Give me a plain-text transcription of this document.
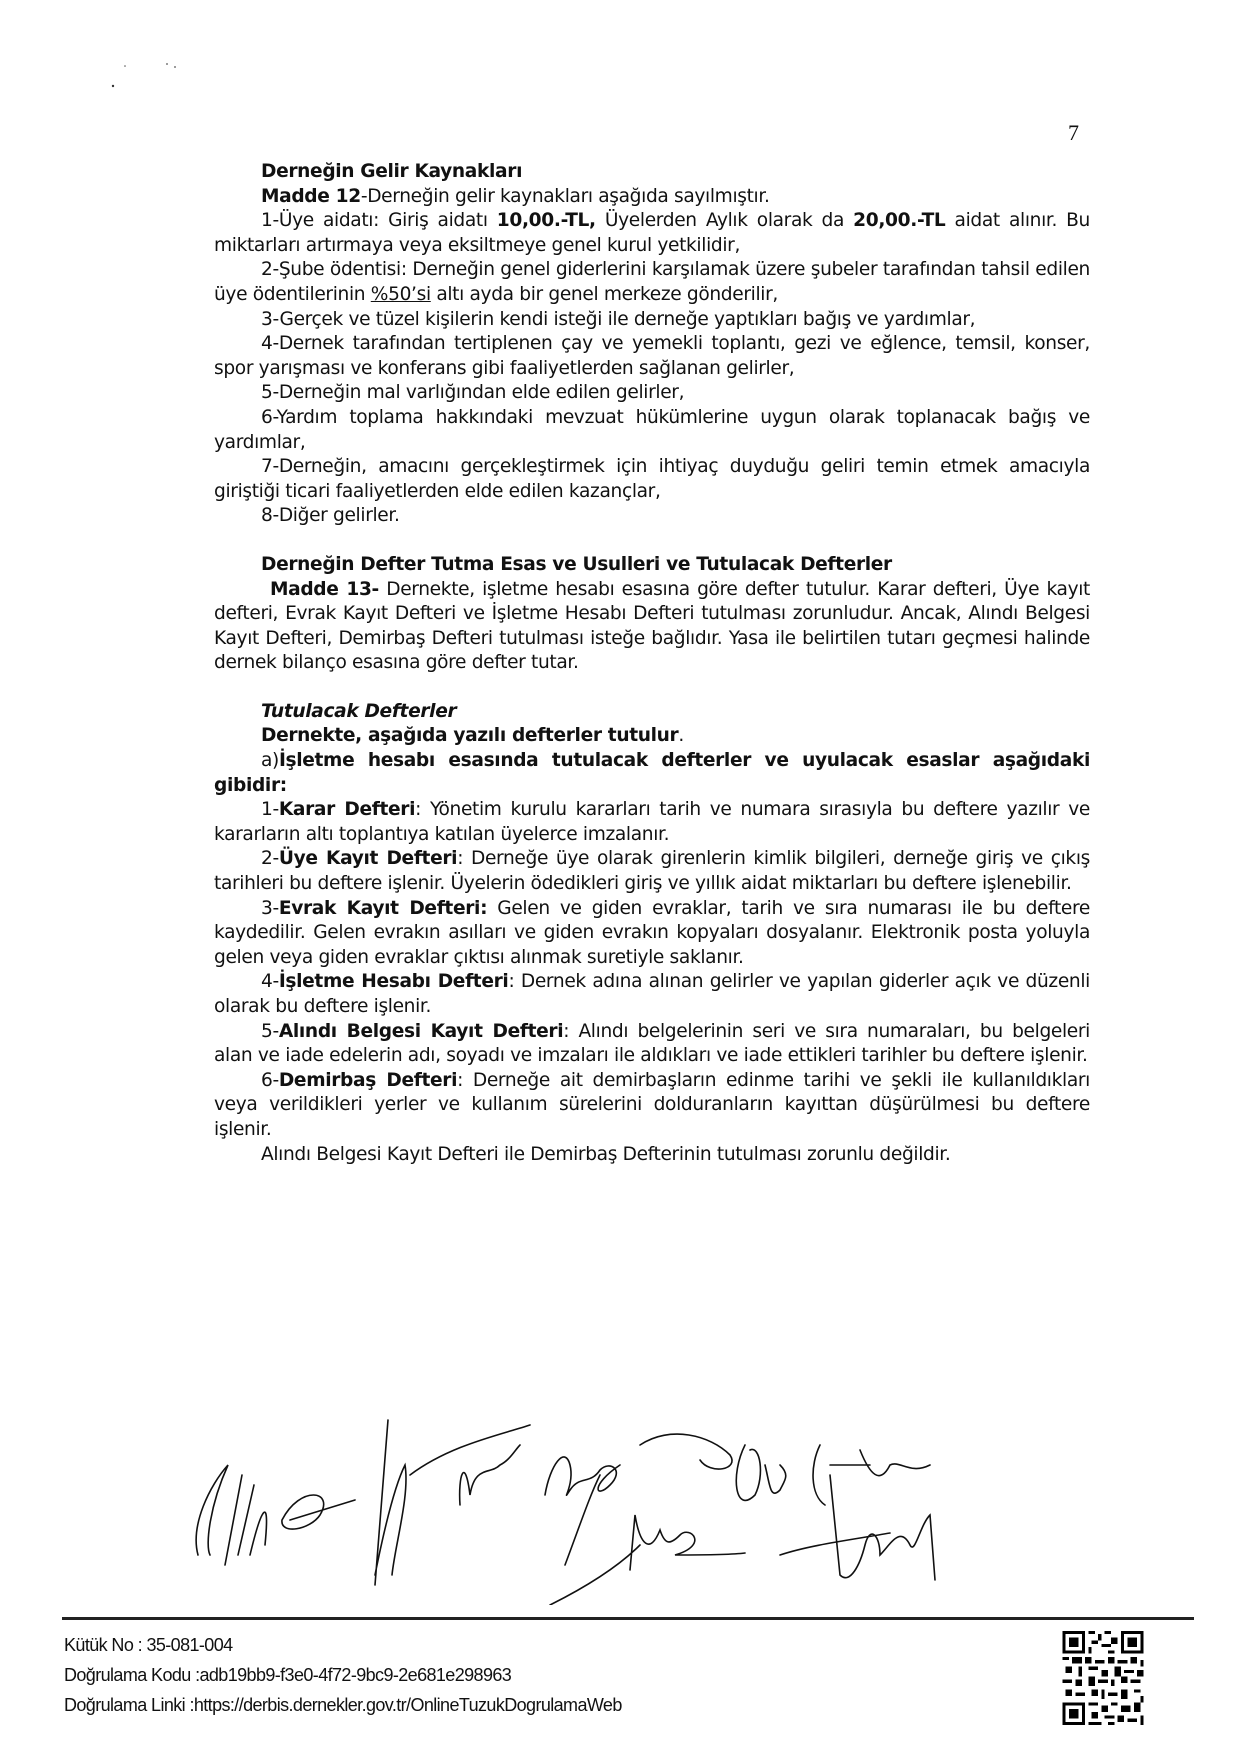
7

Derneğin Gelir Kaynakları

Madde 12-Derneğin gelir kaynakları aşağıda sayılmıştır.

1-Üye aidatı: Giriş aidatı 10,00.-TL, Üyelerden Aylık olarak da 20,00.-TL aidat alınır. Bu miktarları artırmaya veya eksiltmeye genel kurul yetkilidir,

2-Şube ödentisi: Derneğin genel giderlerini karşılamak üzere şubeler tarafından tahsil edilen üye ödentilerinin %50’si altı ayda bir genel merkeze gönderilir,

3-Gerçek ve tüzel kişilerin kendi isteği ile derneğe yaptıkları bağış ve yardımlar,

4-Dernek tarafından tertiplenen çay ve yemekli toplantı, gezi ve eğlence, temsil, konser, spor yarışması ve konferans gibi faaliyetlerden sağlanan gelirler,

5-Derneğin mal varlığından elde edilen gelirler,

6-Yardım toplama hakkındaki mevzuat hükümlerine uygun olarak toplanacak bağış ve yardımlar,

7-Derneğin, amacını gerçekleştirmek için ihtiyaç duyduğu geliri temin etmek amacıyla giriştiği ticari faaliyetlerden elde edilen kazançlar,

8-Diğer gelirler.

Derneğin Defter Tutma Esas ve Usulleri ve Tutulacak Defterler

Madde 13- Dernekte, işletme hesabı esasına göre defter tutulur. Karar defteri, Üye kayıt defteri, Evrak Kayıt Defteri ve İşletme Hesabı Defteri tutulması zorunludur. Ancak, Alındı Belgesi Kayıt Defteri, Demirbaş Defteri tutulması isteğe bağlıdır. Yasa ile belirtilen tutarı geçmesi halinde dernek bilanço esasına göre defter tutar.

Tutulacak Defterler

Dernekte, aşağıda yazılı defterler tutulur.

a)İşletme hesabı esasında tutulacak defterler ve uyulacak esaslar aşağıdaki gibidir:

1-Karar Defteri: Yönetim kurulu kararları tarih ve numara sırasıyla bu deftere yazılır ve kararların altı toplantıya katılan üyelerce imzalanır.

2-Üye Kayıt Defteri: Derneğe üye olarak girenlerin kimlik bilgileri, derneğe giriş ve çıkış tarihleri bu deftere işlenir. Üyelerin ödedikleri giriş ve yıllık aidat miktarları bu deftere işlenebilir.

3-Evrak Kayıt Defteri: Gelen ve giden evraklar, tarih ve sıra numarası ile bu deftere kaydedilir. Gelen evrakın asılları ve giden evrakın kopyaları dosyalanır. Elektronik posta yoluyla gelen veya giden evraklar çıktısı alınmak suretiyle saklanır.

4-İşletme Hesabı Defteri: Dernek adına alınan gelirler ve yapılan giderler açık ve düzenli olarak bu deftere işlenir.

5-Alındı Belgesi Kayıt Defteri: Alındı belgelerinin seri ve sıra numaraları, bu belgeleri alan ve iade edelerin adı, soyadı ve imzaları ile aldıkları ve iade ettikleri tarihler bu deftere işlenir.

6-Demirbaş Defteri: Derneğe ait demirbaşların edinme tarihi ve şekli ile kullanıldıkları veya verildikleri yerler ve kullanım sürelerini dolduranların kayıttan düşürülmesi bu deftere işlenir.

Alındı Belgesi Kayıt Defteri ile Demirbaş Defterinin tutulması zorunlu değildir.

Kütük No : 35-081-004
Doğrulama Kodu :adb19bb9-f3e0-4f72-9bc9-2e681e298963
Doğrulama Linki :https://derbis.dernekler.gov.tr/OnlineTuzukDogrulamaWeb
